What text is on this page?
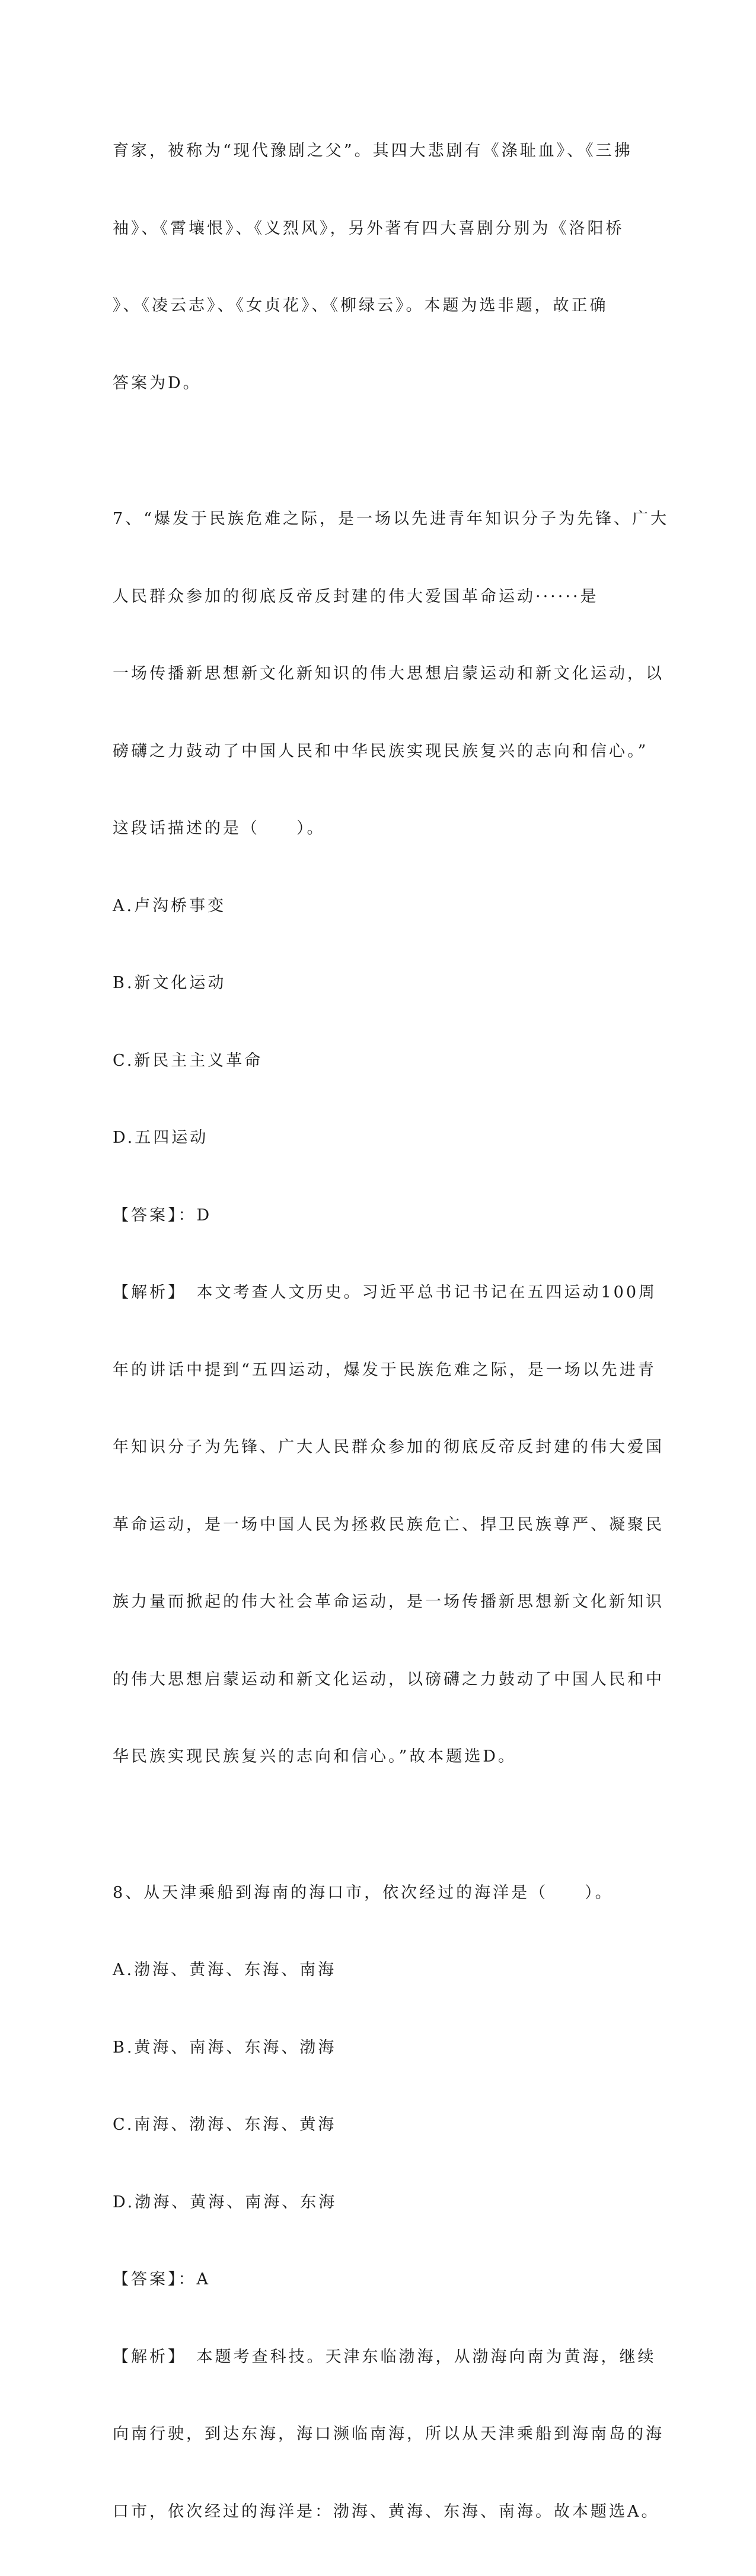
育家，被称为“现代豫剧之父”。其四大悲剧有《涤耻血》、《三拂

袖》、《霄壤恨》、《义烈风》，另外著有四大喜剧分别为《洛阳桥

》、《凌云志》、《女贞花》、《柳绿云》。本题为选非题，故正确

答案为D。

7、“爆发于民族危难之际，是一场以先进青年知识分子为先锋、广大

人民群众参加的彻底反帝反封建的伟大爱国革命运动······是

一场传播新思想新文化新知识的伟大思想启蒙运动和新文化运动，以

磅礴之力鼓动了中国人民和中华民族实现民族复兴的志向和信心。”

这段话描述的是（　　）。

A.卢沟桥事变

B.新文化运动

C.新民主主义革命

D.五四运动

【答案】：D

【解析】　本文考查人文历史。习近平总书记书记在五四运动100周

年的讲话中提到“五四运动，爆发于民族危难之际，是一场以先进青

年知识分子为先锋、广大人民群众参加的彻底反帝反封建的伟大爱国

革命运动，是一场中国人民为拯救民族危亡、捍卫民族尊严、凝聚民

族力量而掀起的伟大社会革命运动，是一场传播新思想新文化新知识

的伟大思想启蒙运动和新文化运动，以磅礴之力鼓动了中国人民和中

华民族实现民族复兴的志向和信心。”故本题选D。

8、从天津乘船到海南的海口市，依次经过的海洋是（　　）。

A.渤海、黄海、东海、南海

B.黄海、南海、东海、渤海

C.南海、渤海、东海、黄海

D.渤海、黄海、南海、东海

【答案】：A

【解析】　本题考查科技。天津东临渤海，从渤海向南为黄海，继续

向南行驶，到达东海，海口濒临南海，所以从天津乘船到海南岛的海

口市，依次经过的海洋是：渤海、黄海、东海、南海。故本题选A。
